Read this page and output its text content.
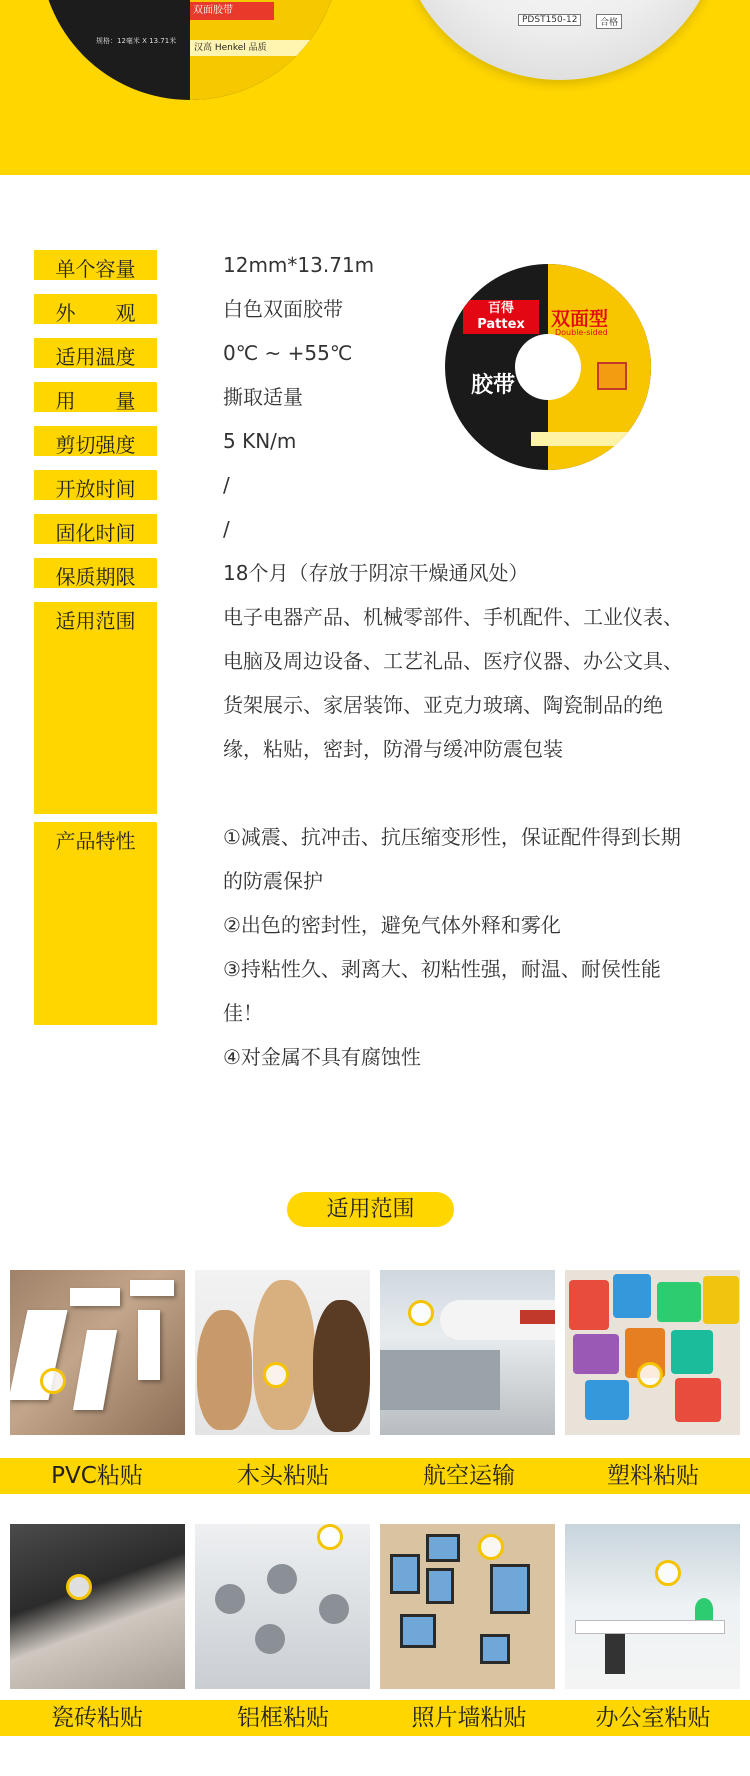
双面胶带
汉高 Henkel 品质
规格：12毫米 X 13.71米
PDST150-12	合格
单个容量	12mm*13.71m
外　　观	白色双面胶带
适用温度	0℃ ~ +55℃
用　　量	撕取适量
剪切强度	5 KN/m
开放时间	/
固化时间	/
保质期限	18个月（存放于阴凉干燥通风处）
适用范围	电子电器产品、机械零部件、手机配件、工业仪表、电脑及周边设备、工艺礼品、医疗仪器、办公文具、货架展示、家居装饰、亚克力玻璃、陶瓷制品的绝缘，粘贴，密封，防滑与缓冲防震包装
产品特性	①减震、抗冲击、抗压缩变形性，保证配件得到长期的防震保护
②出色的密封性，避免气体外释和雾化
③持粘性久、剥离大、初粘性强，耐温、耐侯性能佳！
④对金属不具有腐蚀性
百得
Pattex
胶带 TAPE
双面型
Double-sided
适用范围
PVC粘贴	木头粘贴	航空运输	塑料粘贴
瓷砖粘贴	铝框粘贴	照片墙粘贴	办公室粘贴
